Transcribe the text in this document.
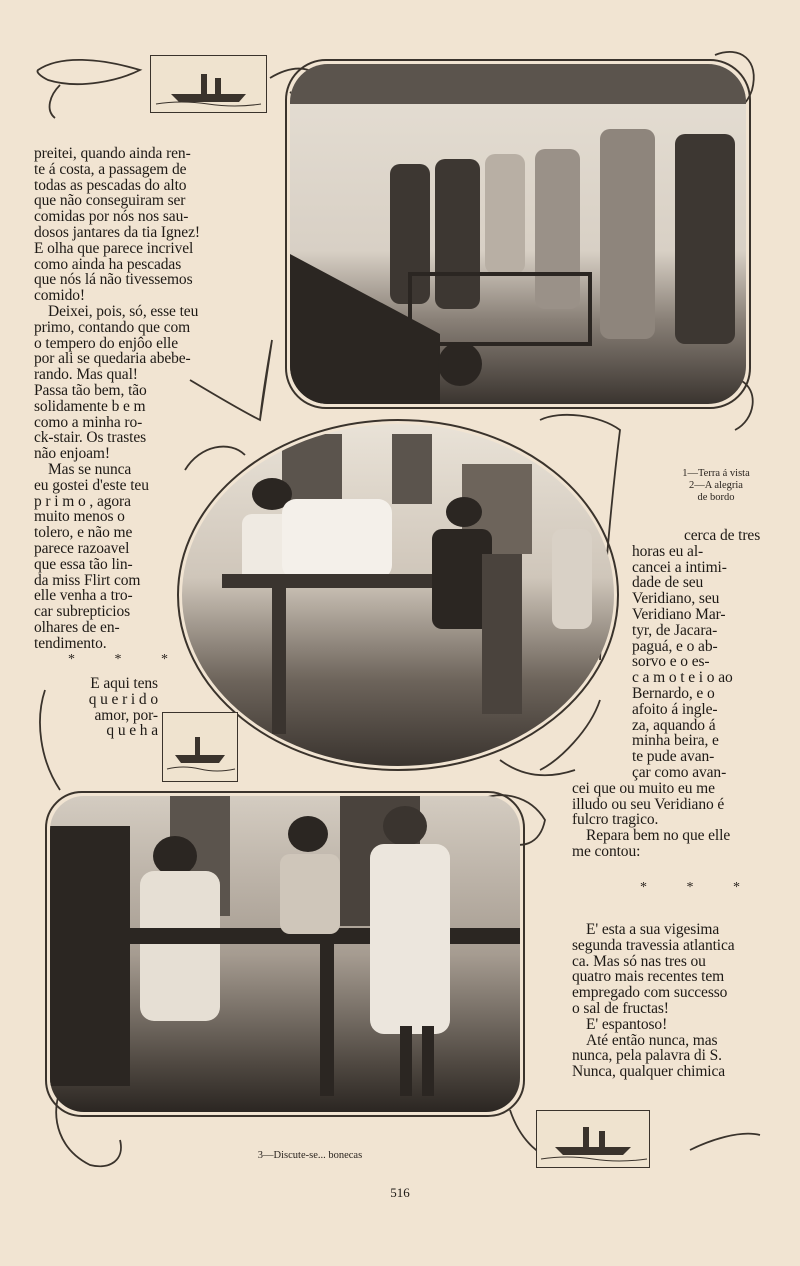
preitei, quando ainda ren-
te á costa, a passagem de
todas as pescadas do alto
que não conseguiram ser
comidas por nós nos sau-
dosos jantares da tia Ignez!
E olha que parece incrivel
como ainda ha pescadas
que nós lá não tivessemos
comido!

Deixei, pois, só, esse teu
primo, contando que com
o tempero do enjôo elle
por ali se quedaria abebe-
rando. Mas qual!
Passa tão bem, tão
solidamente b e m
como a minha ro-
ck-stair. Os trastes
não enjoam!

Mas se nunca
eu gostei d'este teu
p r i m o , agora
muito menos o
tolero, e não me
parece razoavel
que essa tão lin-
da miss Flirt com
elle venha a tro-
car subrepticios
olhares de en-
tendimento.

* * *

E aqui tens
q u e r i d o
amor, por-
q u e h a

1—Terra á vista
2—A alegria
de bordo

cerca de tres

horas eu al-
cancei a intimi-
dade de seu
Veridiano, seu
Veridiano Mar-
tyr, de Jacara-
paguá, e o ab-
sorvo e o es-
c a m o t e i o ao
Bernardo, e o
afoito á ingle-
za, aquando á
minha beira, e
te pude avan-
çar como avan-

cei que ou muito eu me
illudo ou seu Veridiano é
fulcro tragico.

Repara bem no que elle
me contou:

* * *

E' esta a sua vigesima
segunda travessia atlantica
ca. Mas só nas tres ou
quatro mais recentes tem
empregado com successo
o sal de fructas!

E' espantoso!

Até então nunca, mas
nunca, pela palavra di S.
Nunca, qualquer chimica

3—Discute-se... bonecas
516
